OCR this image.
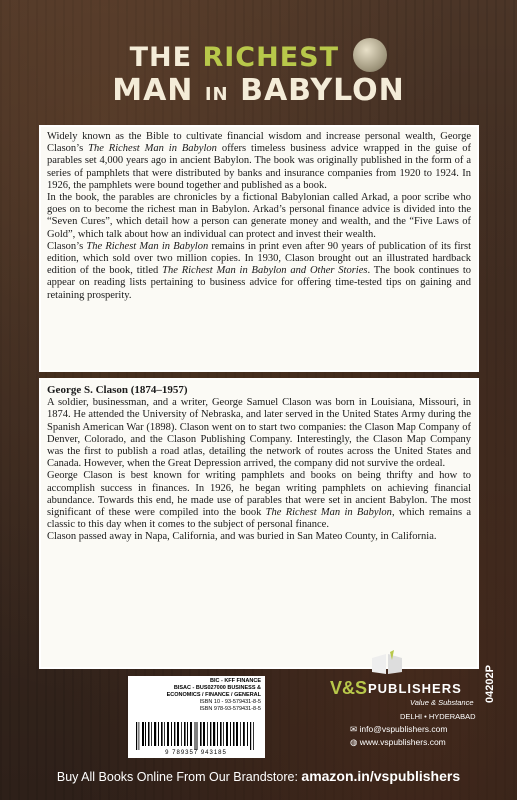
THE RICHEST
MAN IN BABYLON

Widely known as the Bible to cultivate financial wisdom and increase personal wealth, George Clason’s The Richest Man in Babylon offers timeless business advice wrapped in the guise of parables set 4,000 years ago in ancient Babylon. The book was originally published in the form of a series of pamphlets that were distributed by banks and insurance companies from 1920 to 1924. In 1926, the pamphlets were bound together and published as a book.

In the book, the parables are chronicles by a fictional Babylonian called Arkad, a poor scribe who goes on to become the richest man in Babylon. Arkad’s personal finance advice is divided into the “Seven Cures”, which detail how a person can generate money and wealth, and the “Five Laws of Gold”, which talk about how an individual can protect and invest their wealth.

Clason’s The Richest Man in Babylon remains in print even after 90 years of publication of its first edition, which sold over two million copies. In 1930, Clason brought out an illustrated hardback edition of the book, titled The Richest Man in Babylon and Other Stories. The book continues to appear on reading lists pertaining to business advice for offering time-tested tips on gaining and retaining prosperity.

George S. Clason (1874–1957)

A soldier, businessman, and a writer, George Samuel Clason was born in Louisiana, Missouri, in 1874. He attended the University of Nebraska, and later served in the United States Army during the Spanish American War (1898). Clason went on to start two companies: the Clason Map Company of Denver, Colorado, and the Clason Publishing Company. Interestingly, the Clason Map Company was the first to publish a road atlas, detailing the network of routes across the United States and Canada. However, when the Great Depression arrived, the company did not survive the ordeal.

George Clason is best known for writing pamphlets and books on being thrifty and how to accomplish success in finances. In 1926, he began writing pamphlets on achieving financial abundance. Towards this end, he made use of parables that were set in ancient Babylon. The most significant of these were compiled into the book The Richest Man in Babylon, which remains a classic to this day when it comes to the subject of personal finance.

Clason passed away in Napa, California, and was buried in San Mateo County, in California.

BIC - KFF FINANCE
BISAC - BUS027000 BUSINESS &
ECONOMICS / FINANCE / GENERAL
ISBN 10 - 93-579431-8-5
ISBN 978-93-579431-8-5
9 789357 943185
V&S PUBLISHERS
Value & Substance
DELHI • HYDERABAD
✉ info@vspublishers.com
◍ www.vspublishers.com
04202P
Buy All Books Online From Our Brandstore: amazon.in/vspublishers
